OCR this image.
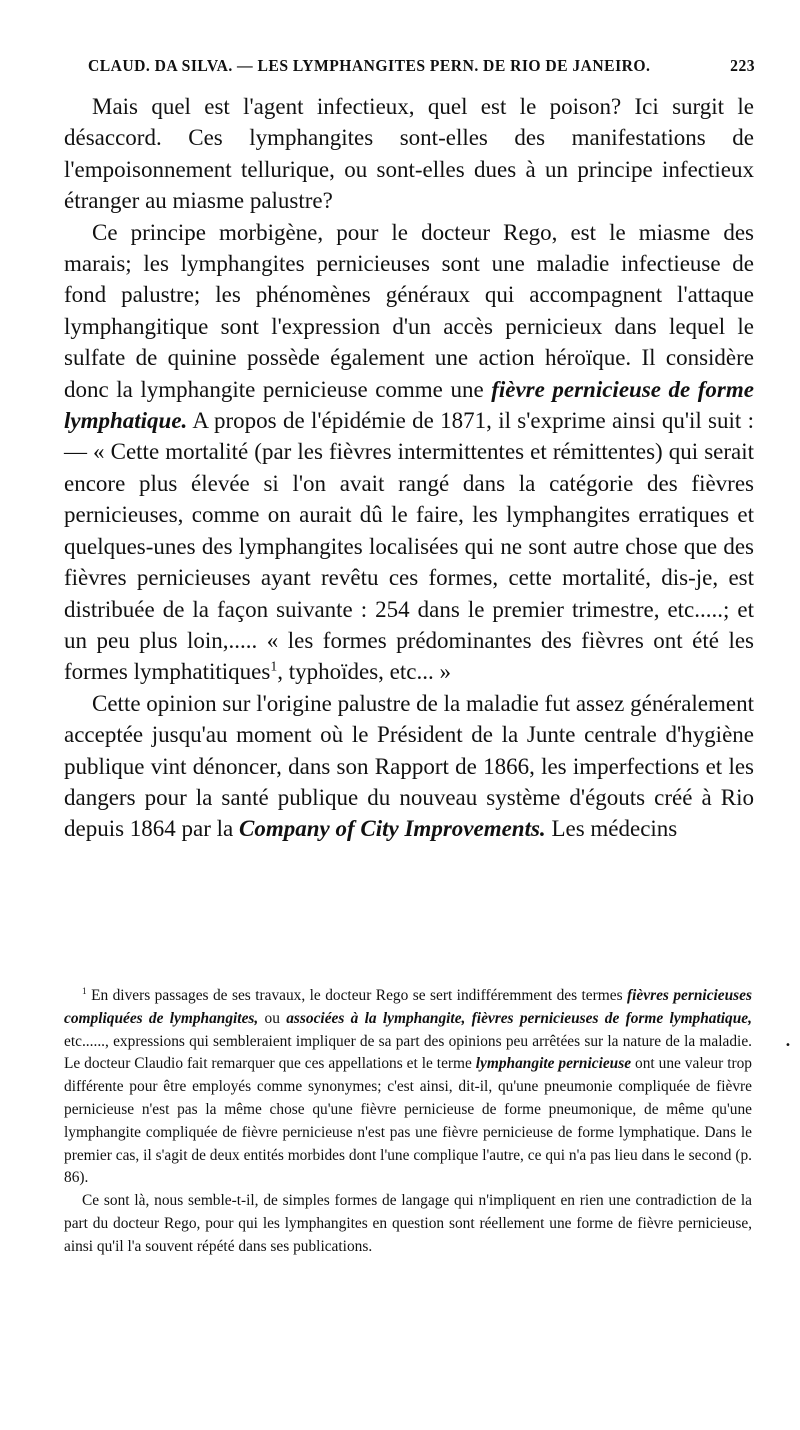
CLAUD. DA SILVA. — LES LYMPHANGITES PERN. DE RIO DE JANEIRO.	223

Mais quel est l'agent infectieux, quel est le poison? Ici surgit le désaccord. Ces lymphangites sont-elles des manifestations de l'empoisonnement tellurique, ou sont-elles dues à un principe infectieux étranger au miasme palustre?

Ce principe morbigène, pour le docteur Rego, est le miasme des marais; les lymphangites pernicieuses sont une maladie infectieuse de fond palustre; les phénomènes généraux qui accompagnent l'attaque lymphangitique sont l'expression d'un accès pernicieux dans lequel le sulfate de quinine possède également une action héroïque. Il considère donc la lymphangite pernicieuse comme une fièvre pernicieuse de forme lymphatique. A propos de l'épidémie de 1871, il s'exprime ainsi qu'il suit : — « Cette mortalité (par les fièvres intermittentes et rémittentes) qui serait encore plus élevée si l'on avait rangé dans la catégorie des fièvres pernicieuses, comme on aurait dû le faire, les lymphangites erratiques et quelques-unes des lymphangites localisées qui ne sont autre chose que des fièvres pernicieuses ayant revêtu ces formes, cette mortalité, dis-je, est distribuée de la façon suivante : 254 dans le premier trimestre, etc.....; et un peu plus loin,..... « les formes prédominantes des fièvres ont été les formes lymphatitiques$^1$, typhoïdes, etc... »

Cette opinion sur l'origine palustre de la maladie fut assez généralement acceptée jusqu'au moment où le Président de la Junte centrale d'hygiène publique vint dénoncer, dans son Rapport de 1866, les imperfections et les dangers pour la santé publique du nouveau système d'égouts créé à Rio depuis 1864 par la Company of City Improvements. Les médecins

$^1$ En divers passages de ses travaux, le docteur Rego se sert indifféremment des termes fièvres pernicieuses compliquées de lymphangites, ou associées à la lymphangite, fièvres pernicieuses de forme lymphatique, etc......, expressions qui sembleraient impliquer de sa part des opinions peu arrêtées sur la nature de la maladie. Le docteur Claudio fait remarquer que ces appellations et le terme lymphangite pernicieuse ont une valeur trop différente pour être employés comme synonymes; c'est ainsi, dit-il, qu'une pneumonie compliquée de fièvre pernicieuse n'est pas la même chose qu'une fièvre pernicieuse de forme pneumonique, de même qu'une lymphangite compliquée de fièvre pernicieuse n'est pas une fièvre pernicieuse de forme lymphatique. Dans le premier cas, il s'agit de deux entités morbides dont l'une complique l'autre, ce qui n'a pas lieu dans le second (p. 86).

Ce sont là, nous semble-t-il, de simples formes de langage qui n'impliquent en rien une contradiction de la part du docteur Rego, pour qui les lymphangites en question sont réellement une forme de fièvre pernicieuse, ainsi qu'il l'a souvent répété dans ses publications.

•
